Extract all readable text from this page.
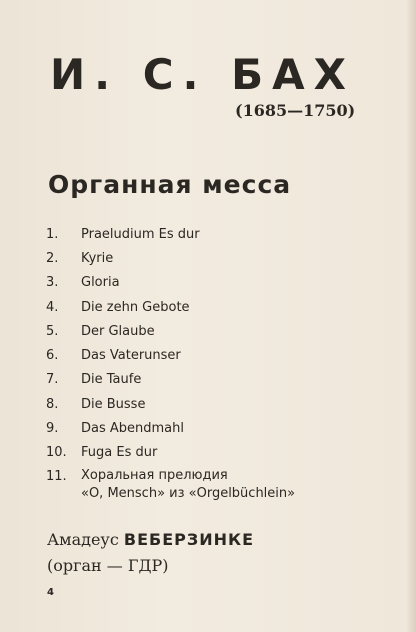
И. С. БАХ
(1685—1750)
Органная месса
1.	Praeludium Es dur
2.	Kyrie
3.	Gloria
4.	Die zehn Gebote
5.	Der Glaube
6.	Das Vaterunser
7.	Die Taufe
8.	Die Busse
9.	Das Abendmahl
10.	Fuga Es dur
11.	Хоральная прелюдия
«O, Mensch» из «Orgelbüchlein»
Амадеус ВЕБЕРЗИНКЕ
(орган — ГДР)
4
